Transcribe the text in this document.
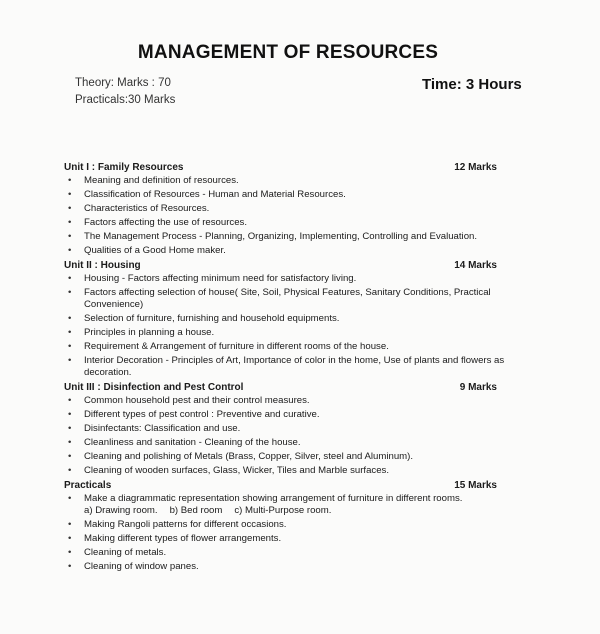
MANAGEMENT OF RESOURCES
Theory: Marks : 70
Practicals:30 Marks
Time: 3 Hours
Unit I : Family Resources	12 Marks
• Meaning and definition of resources.
• Classification of Resources - Human and Material Resources.
• Characteristics of Resources.
• Factors affecting the use of resources.
• The Management Process - Planning, Organizing, Implementing, Controlling and Evaluation.
• Qualities of a Good Home maker.
Unit II : Housing	14 Marks
• Housing - Factors affecting minimum need for satisfactory living.
• Factors affecting selection of house( Site, Soil, Physical Features, Sanitary Conditions, Practical Convenience)
• Selection of furniture, furnishing and household equipments.
• Principles in planning a house.
• Requirement & Arrangement of furniture in different rooms of the house.
• Interior Decoration - Principles of Art, Importance of color in the home, Use of plants and flowers as decoration.
Unit III : Disinfection and Pest Control	9 Marks
• Common household pest and their control measures.
• Different types of pest control : Preventive and curative.
• Disinfectants: Classification and use.
• Cleanliness and sanitation - Cleaning of the house.
• Cleaning and polishing of Metals (Brass, Copper, Silver, steel and Aluminum).
• Cleaning of wooden surfaces, Glass, Wicker, Tiles and Marble surfaces.
Practicals	15 Marks
• Make a diagrammatic representation showing arrangement of furniture in different rooms.
a) Drawing room. b) Bed room c) Multi-Purpose room.
• Making Rangoli patterns for different occasions.
• Making different types of flower arrangements.
• Cleaning of metals.
• Cleaning of window panes.
